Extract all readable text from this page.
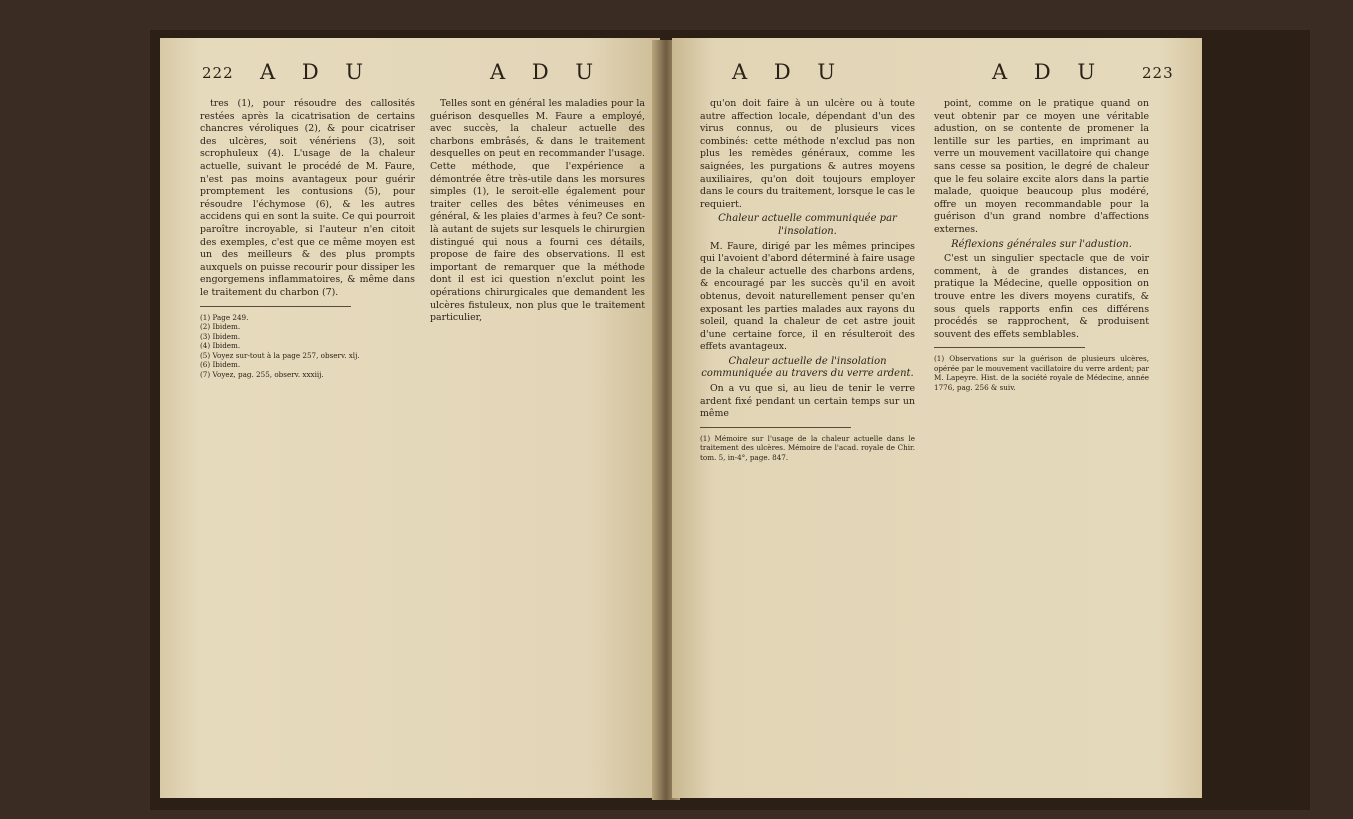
222 A D U	A D U

tres (1), pour résoudre des callosités restées après la cicatrisation de certains chancres véroliques (2), & pour cicatriser des ulcères, soit vénériens (3), soit scrophuleux (4). L'usage de la chaleur actuelle, suivant le procédé de M. Faure, n'est pas moins avantageux pour guérir promptement les contusions (5), pour résoudre l'échymose (6), & les autres accidens qui en sont la suite. Ce qui pourroit paroître incroyable, si l'auteur n'en citoit des exemples, c'est que ce même moyen est un des meilleurs & des plus prompts auxquels on puisse recourir pour dissiper les engorgemens inflammatoires, & même dans le traitement du charbon (7).

(1) Page 249.
(2) Ibidem.
(3) Ibidem.
(4) Ibidem.
(5) Voyez sur-tout à la page 257, observ. xlj.
(6) Ibidem.
(7) Voyez, pag. 255, observ. xxxiij.

Telles sont en général les maladies pour la guérison desquelles M. Faure a employé, avec succès, la chaleur actuelle des charbons embrâsés, & dans le traitement desquelles on peut en recommander l'usage. Cette méthode, que l'expérience a démontrée être très-utile dans les morsures simples (1), le seroit-elle également pour traiter celles des bêtes vénimeuses en général, & les plaies d'armes à feu? Ce sont-là autant de sujets sur lesquels le chirurgien distingué qui nous a fourni ces détails, propose de faire des observations. Il est important de remarquer que la méthode dont il est ici question n'exclut point les opérations chirurgicales que demandent les ulcères fistuleux, non plus que le traitement particulier,

A D U	A D U 223

qu'on doit faire à un ulcère ou à toute autre affection locale, dépendant d'un des virus connus, ou de plusieurs vices combinés: cette méthode n'exclud pas non plus les remèdes généraux, comme les saignées, les purgations & autres moyens auxiliaires, qu'on doit toujours employer dans le cours du traitement, lorsque le cas le requiert.

Chaleur actuelle communiquée par l'insolation.

M. Faure, dirigé par les mêmes principes qui l'avoient d'abord déterminé à faire usage de la chaleur actuelle des charbons ardens, & encouragé par les succès qu'il en avoit obtenus, devoit naturellement penser qu'en exposant les parties malades aux rayons du soleil, quand la chaleur de cet astre jouit d'une certaine force, il en résulteroit des effets avantageux.

Chaleur actuelle de l'insolation communiquée au travers du verre ardent.

On a vu que si, au lieu de tenir le verre ardent fixé pendant un certain temps sur un même

(1) Mémoire sur l'usage de la chaleur actuelle dans le traitement des ulcères. Mémoire de l'acad. royale de Chir. tom. 5, in-4°, page. 847.

point, comme on le pratique quand on veut obtenir par ce moyen une véritable adustion, on se contente de promener la lentille sur les parties, en imprimant au verre un mouvement vacillatoire qui change sans cesse sa position, le degré de chaleur que le feu solaire excite alors dans la partie malade, quoique beaucoup plus modéré, offre un moyen recommandable pour la guérison d'un grand nombre d'affections externes.

Réflexions générales sur l'adustion.

C'est un singulier spectacle que de voir comment, à de grandes distances, en pratique la Médecine, quelle opposition on trouve entre les divers moyens curatifs, & sous quels rapports enfin ces différens procédés se rapprochent, & produisent souvent des effets semblables.

(1) Observations sur la guérison de plusieurs ulcères, opérée par le mouvement vacillatoire du verre ardent; par M. Lapeyre. Hist. de la société royale de Médecine, année 1776, pag. 256 & suiv.
